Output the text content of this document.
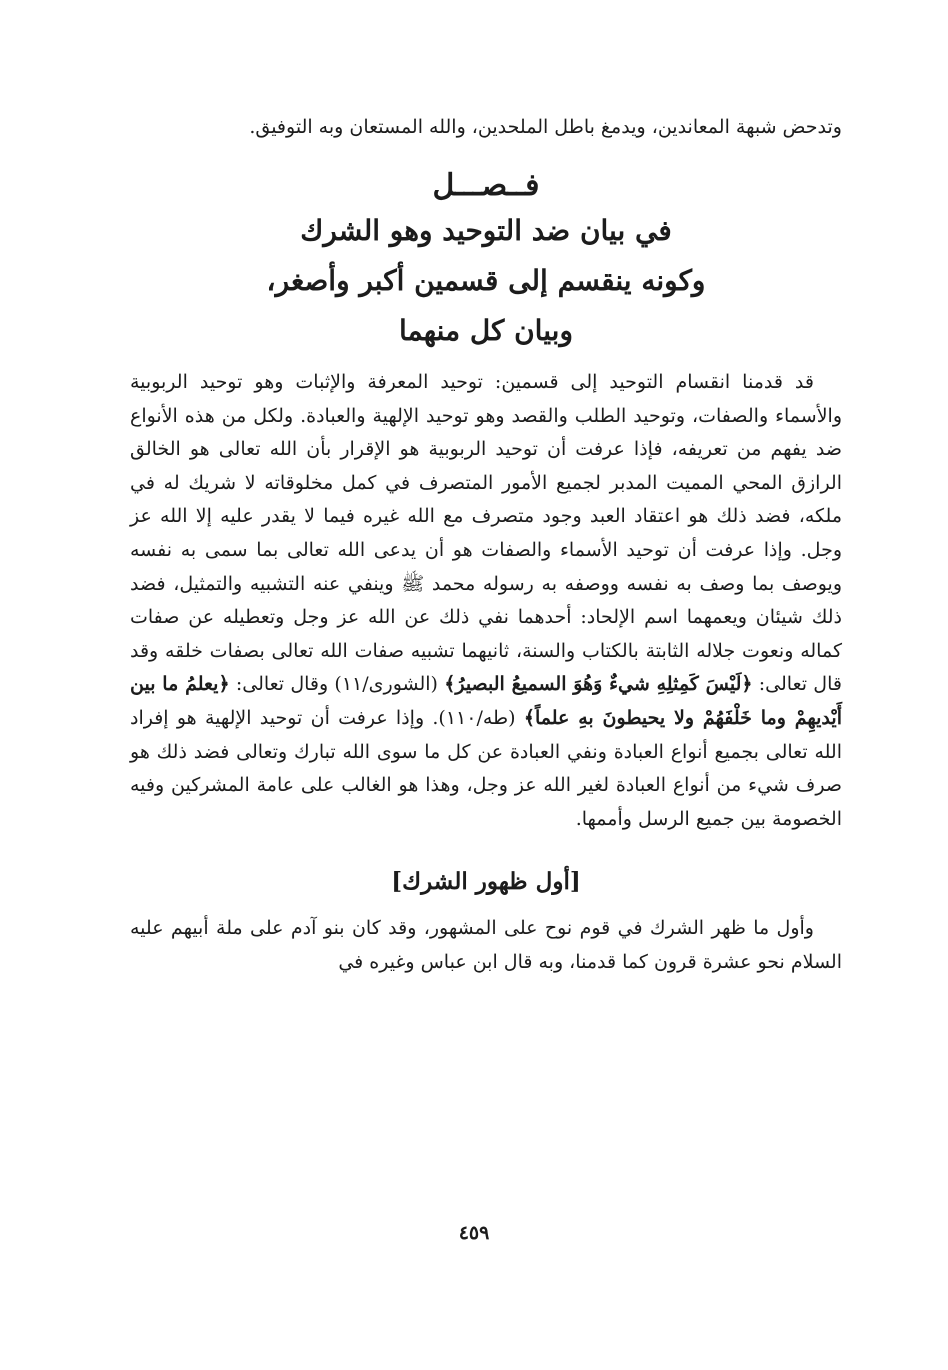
وتدحض شبهة المعاندين، ويدمغ باطل الملحدين، والله المستعان وبه التوفيق.

فــصـــل
في بيان ضد التوحيد وهو الشرك
وكونه ينقسم إلى قسمين أكبر وأصغر،
وبيان كل منهما

قد قدمنا انقسام التوحيد إلى قسمين: توحيد المعرفة والإثبات وهو توحيد الربوبية والأسماء والصفات، وتوحيد الطلب والقصد وهو توحيد الإلهية والعبادة. ولكل من هذه الأنواع ضد يفهم من تعريفه، فإذا عرفت أن توحيد الربوبية هو الإقرار بأن الله تعالى هو الخالق الرازق المحي المميت المدبر لجميع الأمور المتصرف في كمل مخلوقاته لا شريك له في ملكه، فضد ذلك هو اعتقاد العبد وجود متصرف مع الله غيره فيما لا يقدر عليه إلا الله عز وجل. وإذا عرفت أن توحيد الأسماء والصفات هو أن يدعى الله تعالى بما سمى به نفسه ويوصف بما وصف به نفسه ووصفه به رسوله محمد ﷺ وينفي عنه التشبيه والتمثيل، فضد ذلك شيئان ويعمهما اسم الإلحاد: أحدهما نفي ذلك عن الله عز وجل وتعطيله عن صفات كماله ونعوت جلاله الثابتة بالكتاب والسنة، ثانيهما تشبيه صفات الله تعالى بصفات خلقه وقد قال تعالى: ﴿لَيْسَ كَمِثلِهِ شيءٌ وَهُوَ السميعُ البصيرُ﴾ (الشورى/١١) وقال تعالى: ﴿يعلمُ ما بين أَيْديهِمْ وما خَلْفَهُمْ ولا يحيطونَ بهِ علماً﴾ (طه/١١٠). وإذا عرفت أن توحيد الإلهية هو إفراد الله تعالى بجميع أنواع العبادة ونفي العبادة عن كل ما سوى الله تبارك وتعالى فضد ذلك هو صرف شيء من أنواع العبادة لغير الله عز وجل، وهذا هو الغالب على عامة المشركين وفيه الخصومة بين جميع الرسل وأممها.

[أول ظهور الشرك]

وأول ما ظهر الشرك في قوم نوح على المشهور، وقد كان بنو آدم على ملة أبيهم عليه السلام نحو عشرة قرون كما قدمنا، وبه قال ابن عباس وغيره في

٤٥٩
